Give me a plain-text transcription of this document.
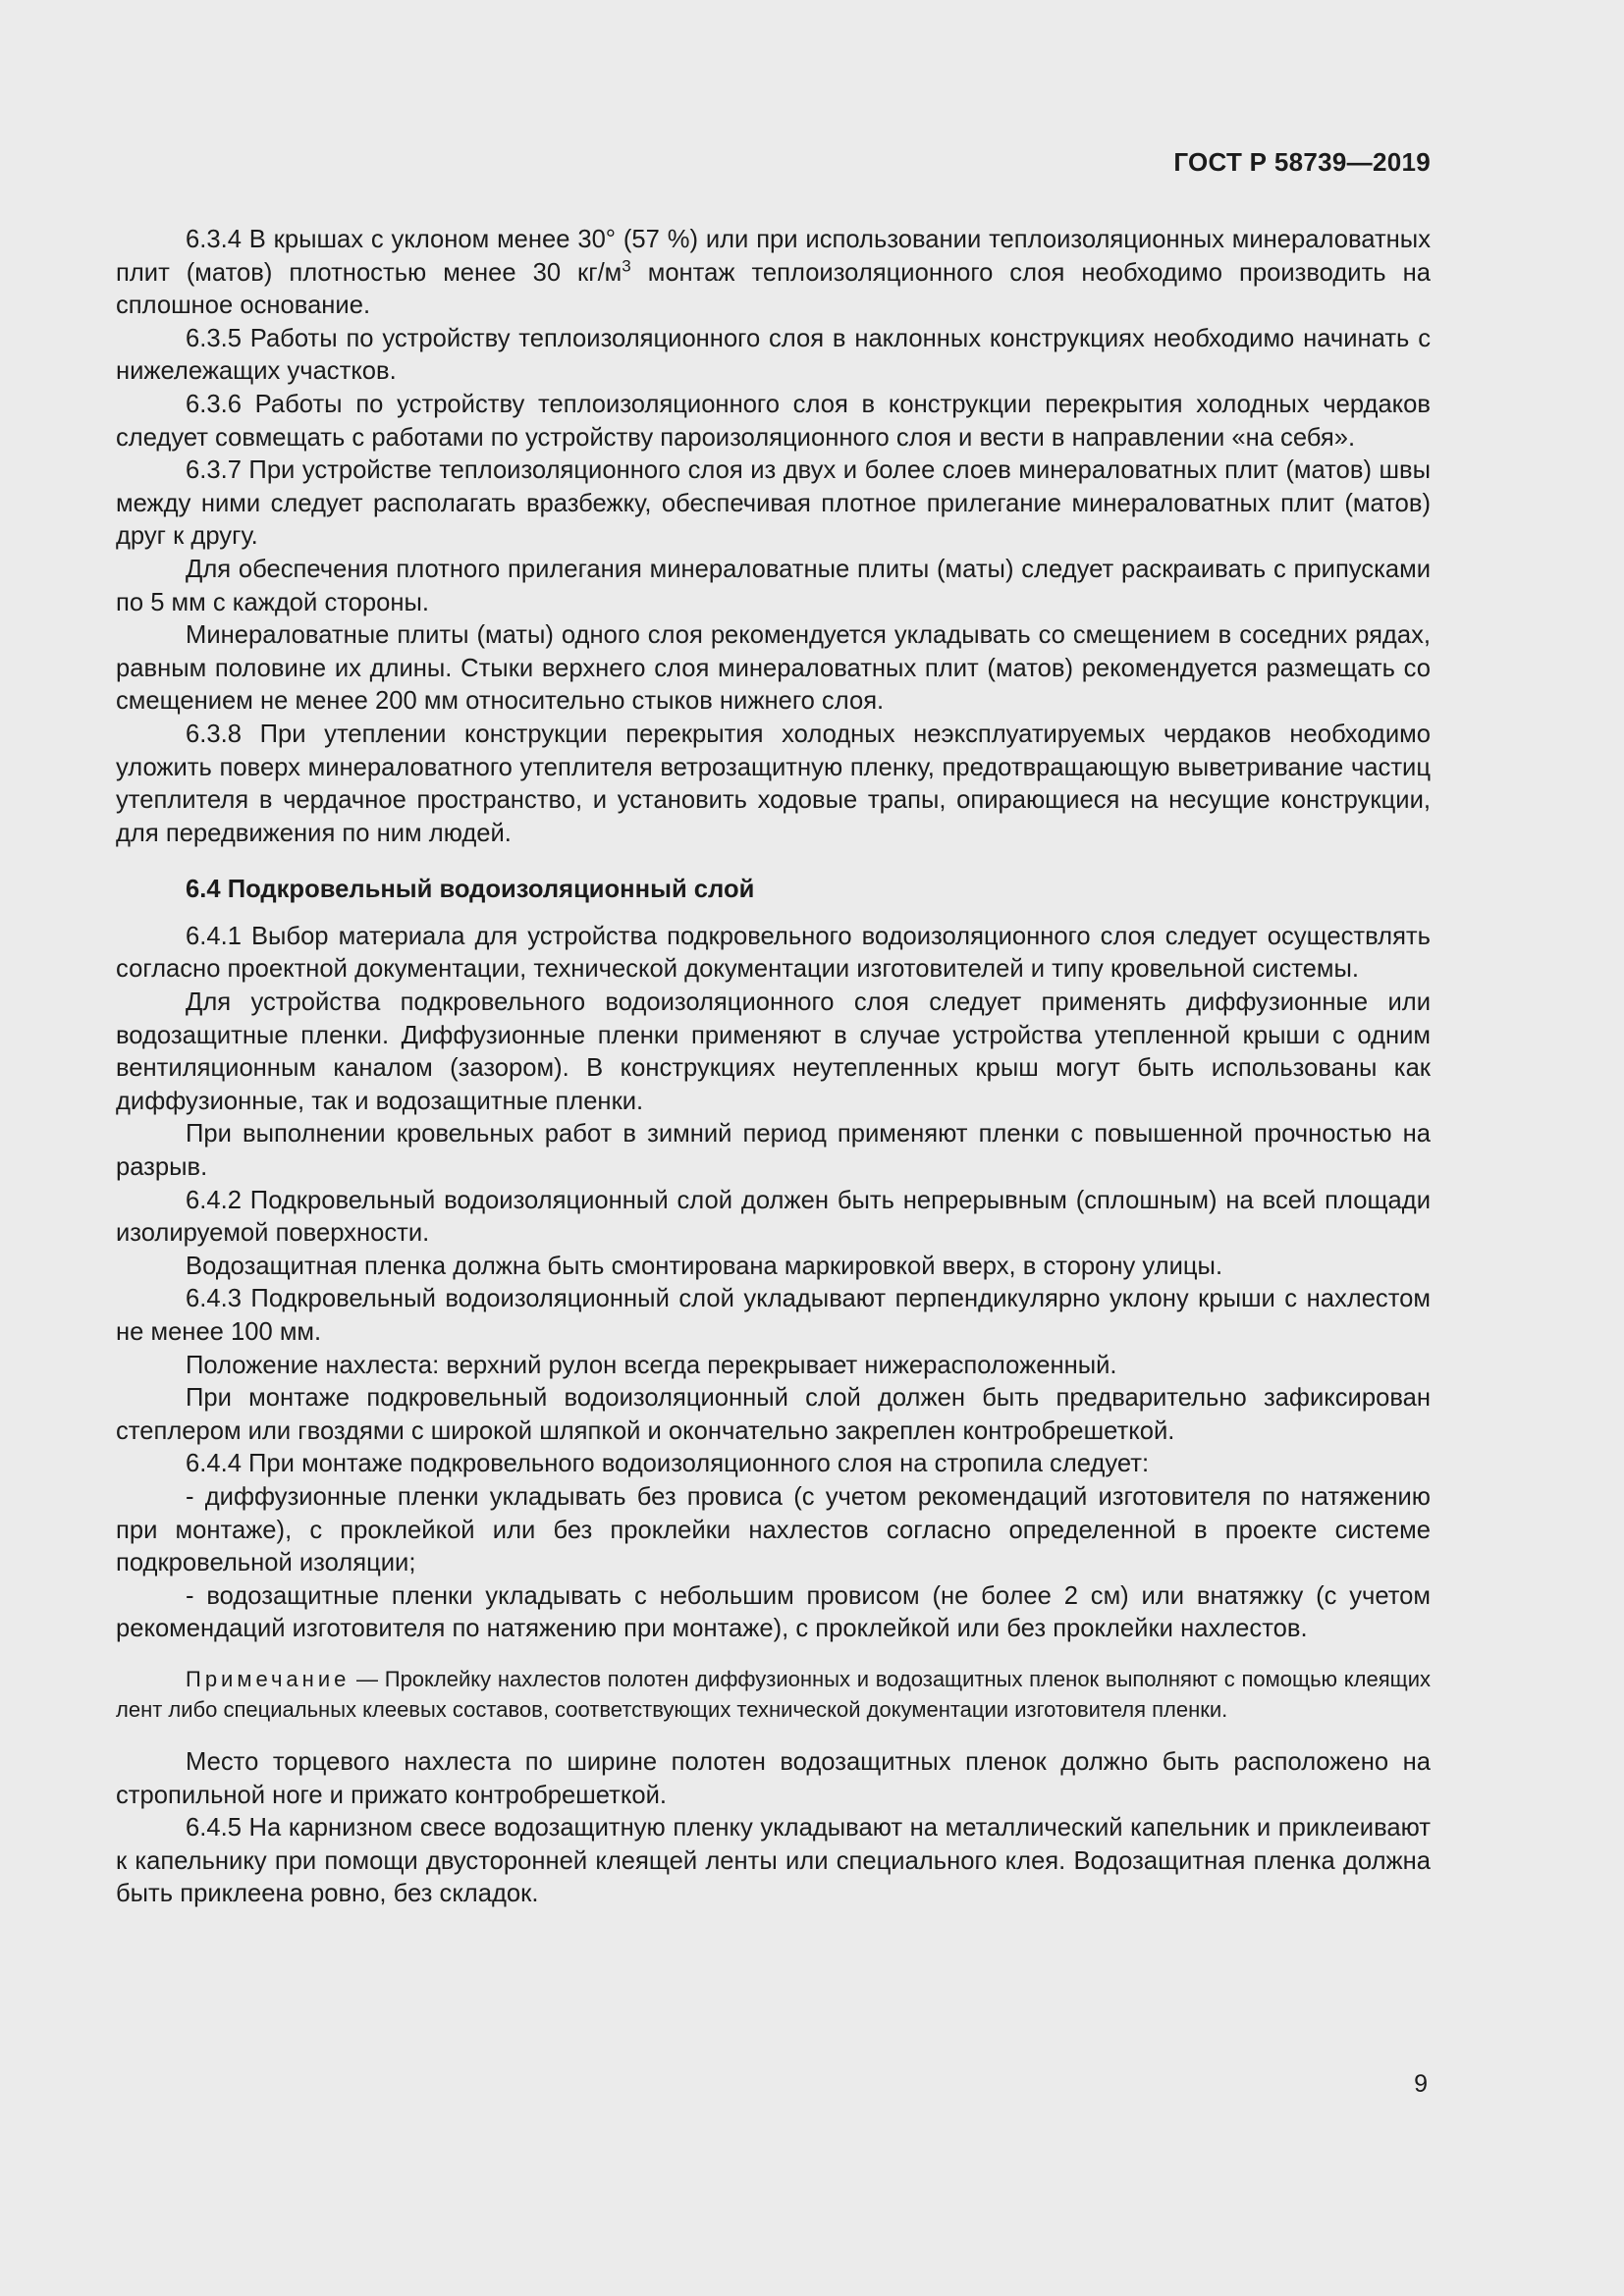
ГОСТ Р 58739—2019

6.3.4 В крышах с уклоном менее 30° (57 %) или при использовании теплоизоляционных минераловатных плит (матов) плотностью менее 30 $кг/м^3$ монтаж теплоизоляционного слоя необходимо производить на сплошное основание.

6.3.5 Работы по устройству теплоизоляционного слоя в наклонных конструкциях необходимо начинать с нижележащих участков.

6.3.6 Работы по устройству теплоизоляционного слоя в конструкции перекрытия холодных чердаков следует совмещать с работами по устройству пароизоляционного слоя и вести в направлении «на себя».

6.3.7 При устройстве теплоизоляционного слоя из двух и более слоев минераловатных плит (матов) швы между ними следует располагать вразбежку, обеспечивая плотное прилегание минераловатных плит (матов) друг к другу.

Для обеспечения плотного прилегания минераловатные плиты (маты) следует раскраивать с припусками по 5 мм с каждой стороны.

Минераловатные плиты (маты) одного слоя рекомендуется укладывать со смещением в соседних рядах, равным половине их длины. Стыки верхнего слоя минераловатных плит (матов) рекомендуется размещать со смещением не менее 200 мм относительно стыков нижнего слоя.

6.3.8 При утеплении конструкции перекрытия холодных неэксплуатируемых чердаков необходимо уложить поверх минераловатного утеплителя ветрозащитную пленку, предотвращающую выветривание частиц утеплителя в чердачное пространство, и установить ходовые трапы, опирающиеся на несущие конструкции, для передвижения по ним людей.

6.4 Подкровельный водоизоляционный слой

6.4.1 Выбор материала для устройства подкровельного водоизоляционного слоя следует осуществлять согласно проектной документации, технической документации изготовителей и типу кровельной системы.

Для устройства подкровельного водоизоляционного слоя следует применять диффузионные или водозащитные пленки. Диффузионные пленки применяют в случае устройства утепленной крыши с одним вентиляционным каналом (зазором). В конструкциях неутепленных крыш могут быть использованы как диффузионные, так и водозащитные пленки.

При выполнении кровельных работ в зимний период применяют пленки с повышенной прочностью на разрыв.

6.4.2 Подкровельный водоизоляционный слой должен быть непрерывным (сплошным) на всей площади изолируемой поверхности.

Водозащитная пленка должна быть смонтирована маркировкой вверх, в сторону улицы.

6.4.3 Подкровельный водоизоляционный слой укладывают перпендикулярно уклону крыши с нахлестом не менее 100 мм.

Положение нахлеста: верхний рулон всегда перекрывает нижерасположенный.

При монтаже подкровельный водоизоляционный слой должен быть предварительно зафиксирован степлером или гвоздями с широкой шляпкой и окончательно закреплен контробрешеткой.

6.4.4 При монтаже подкровельного водоизоляционного слоя на стропила следует:

- диффузионные пленки укладывать без провиса (с учетом рекомендаций изготовителя по натяжению при монтаже), с проклейкой или без проклейки нахлестов согласно определенной в проекте системе подкровельной изоляции;

- водозащитные пленки укладывать с небольшим провисом (не более 2 см) или внатяжку (с учетом рекомендаций изготовителя по натяжению при монтаже), с проклейкой или без проклейки нахлестов.

Примечание — Проклейку нахлестов полотен диффузионных и водозащитных пленок выполняют с помощью клеящих лент либо специальных клеевых составов, соответствующих технической документации изготовителя пленки.

Место торцевого нахлеста по ширине полотен водозащитных пленок должно быть расположено на стропильной ноге и прижато контробрешеткой.

6.4.5 На карнизном свесе водозащитную пленку укладывают на металлический капельник и приклеивают к капельнику при помощи двусторонней клеящей ленты или специального клея. Водозащитная пленка должна быть приклеена ровно, без складок.

9
